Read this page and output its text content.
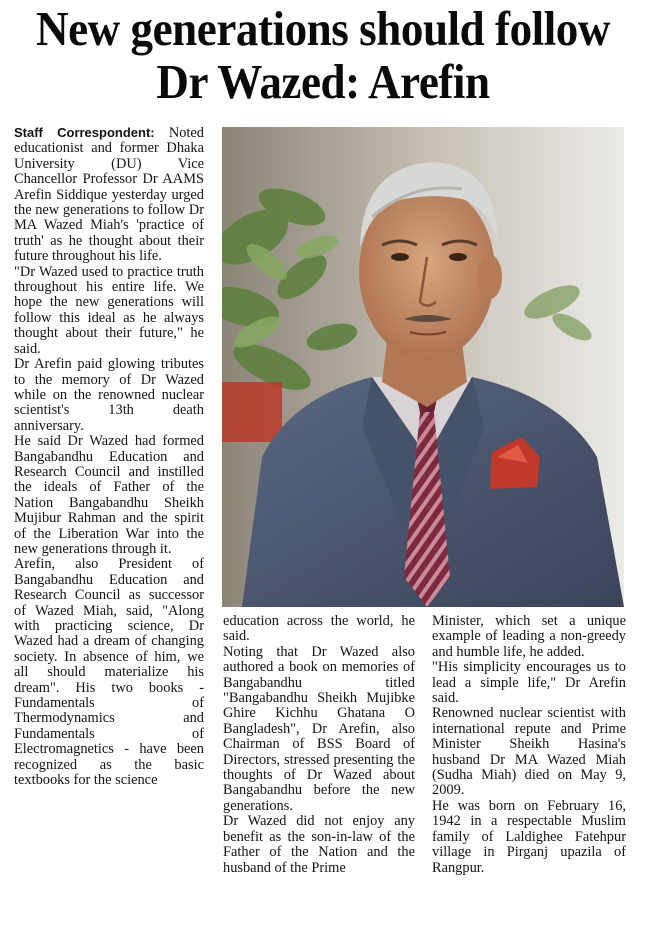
New generations should follow Dr Wazed: Arefin

Staff Correspondent: Noted educationist and former Dhaka University (DU) Vice Chancellor Professor Dr AAMS Arefin Siddique yesterday urged the new generations to follow Dr MA Wazed Miah's 'practice of truth' as he thought about their future throughout his life.

"Dr Wazed used to practice truth throughout his entire life. We hope the new generations will follow this ideal as he always thought about their future," he said.

Dr Arefin paid glowing tributes to the memory of Dr Wazed while on the renowned nuclear scientist's 13th death anniversary.

He said Dr Wazed had formed Bangabandhu Education and Research Council and instilled the ideals of Father of the Nation Bangabandhu Sheikh Mujibur Rahman and the spirit of the Liberation War into the new generations through it.

Arefin, also President of Bangabandhu Education and Research Council as successor of Wazed Miah, said, "Along with practicing science, Dr Wazed had a dream of changing society. In absence of him, we all should materialize his dream". His two books - Fundamentals of Thermodynamics and Fundamentals of Electromagnetics - have been recognized as the basic textbooks for the science

education across the world, he said.

Noting that Dr Wazed also authored a book on memories of Bangabandhu titled "Bangabandhu Sheikh Mujibke Ghire Kichhu Ghatana O Bangladesh", Dr Arefin, also Chairman of BSS Board of Directors, stressed presenting the thoughts of Dr Wazed about Bangabandhu before the new generations.

Dr Wazed did not enjoy any benefit as the son-in-law of the Father of the Nation and the husband of the Prime

Minister, which set a unique example of leading a non-greedy and humble life, he added.

"His simplicity encourages us to lead a simple life," Dr Arefin said.

Renowned nuclear scientist with international repute and Prime Minister Sheikh Hasina's husband Dr MA Wazed Miah (Sudha Miah) died on May 9, 2009.

He was born on February 16, 1942 in a respectable Muslim family of Laldighee Fatehpur village in Pirganj upazila of Rangpur.
